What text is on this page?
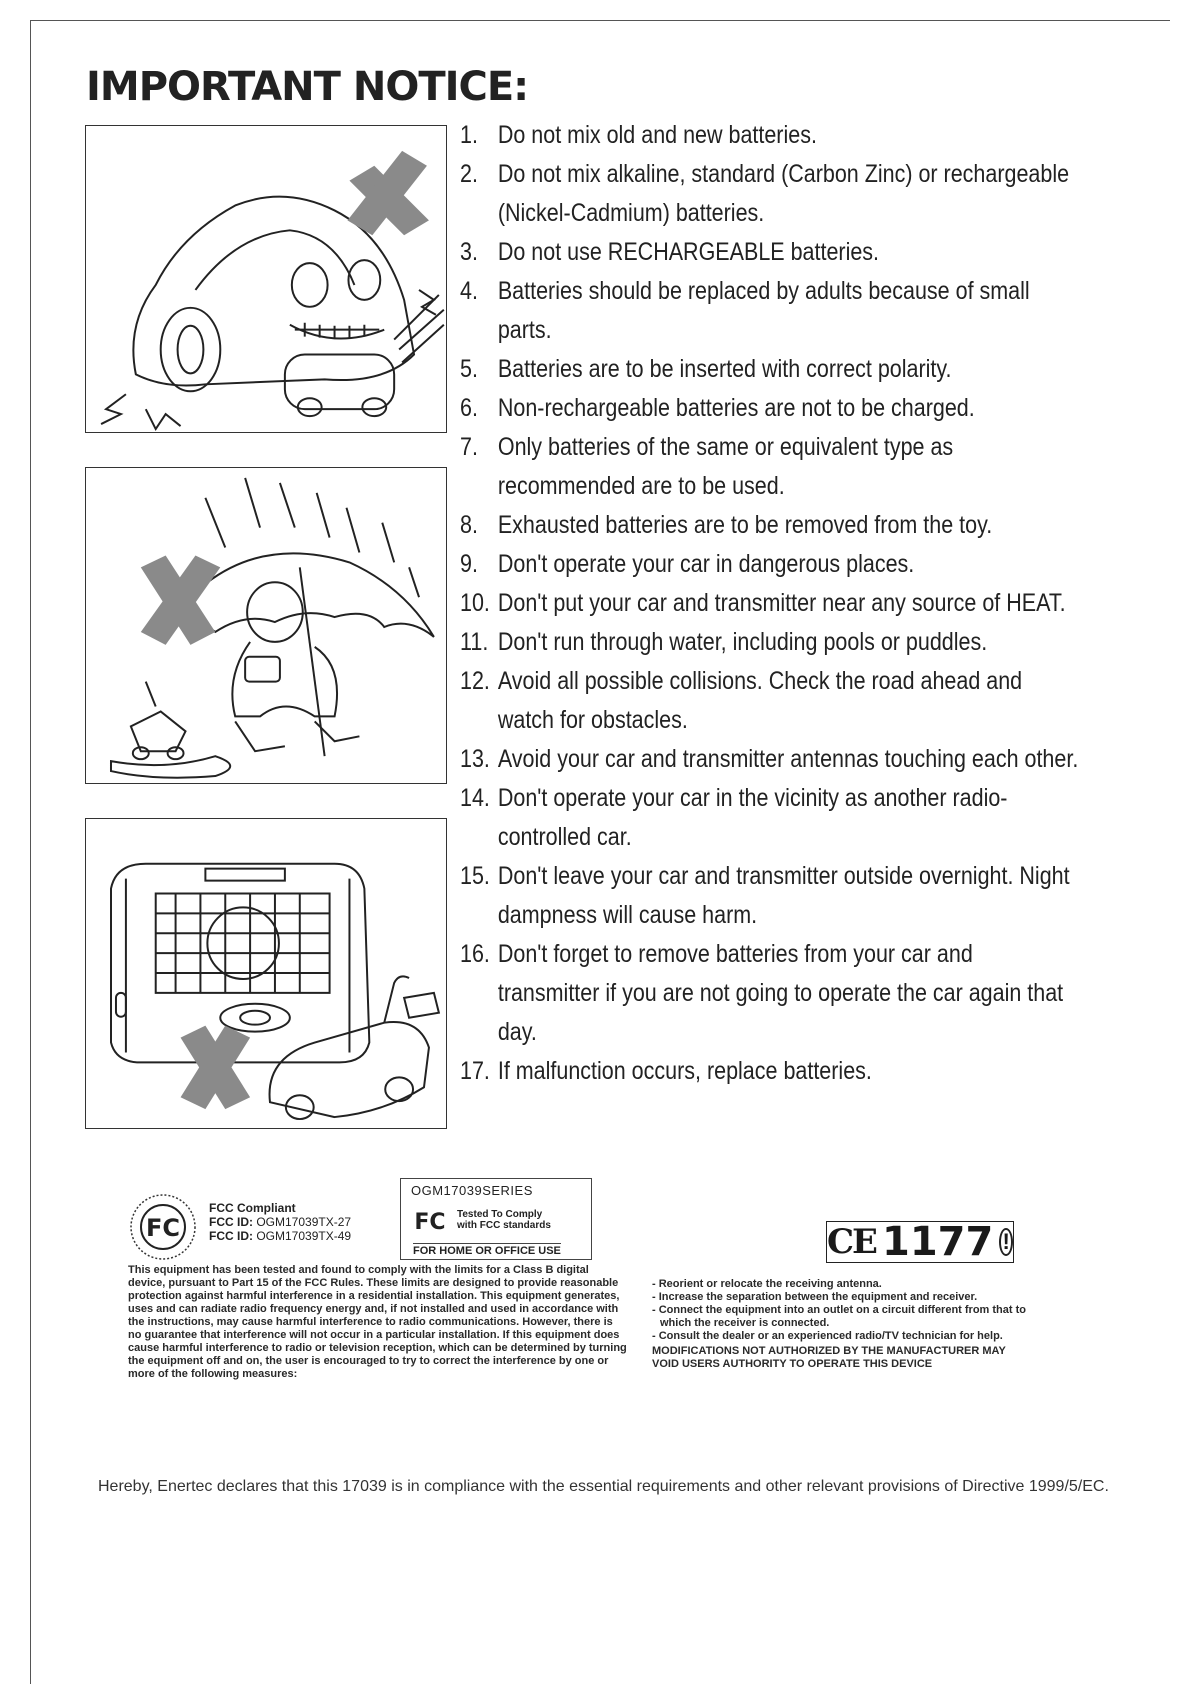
IMPORTANT NOTICE:
1. Do not mix old and new batteries.
2. Do not mix alkaline, standard (Carbon Zinc) or rechargeable (Nickel-Cadmium) batteries.
3. Do not use RECHARGEABLE batteries.
4. Batteries should be replaced by adults because of small parts.
5. Batteries are to be inserted with correct polarity.
6. Non-rechargeable batteries are not to be charged.
7. Only batteries of the same or equivalent type as recommended are to be used.
8. Exhausted batteries are to be removed from the toy.
9. Don't operate your car in dangerous places.
10. Don't put your car and transmitter near any source of HEAT.
11. Don't run through water, including pools or puddles.
12. Avoid all possible collisions. Check the road ahead and watch for obstacles.
13. Avoid your car and transmitter antennas touching each other.
14. Don't operate your car in the vicinity as another radio-controlled car.
15. Don't leave your car and transmitter outside overnight. Night dampness will cause harm.
16. Don't forget to remove batteries from your car and transmitter if you are not going to operate the car again that day.
17. If malfunction occurs, replace batteries.
FC
FCC Compliant
FCC ID: OGM17039TX-27
FCC ID: OGM17039TX-49
OGM17039SERIES
FC Tested To Comply
with FCC standards
FOR HOME OR OFFICE USE	CE 1177 !
This equipment has been tested and found to comply with the limits for a Class B digital device, pursuant to Part 15 of the FCC Rules. These limits are designed to provide reasonable protection against harmful interference in a residential installation. This equipment generates, uses and can radiate radio frequency energy and, if not installed and used in accordance with the instructions, may cause harmful interference to radio communications. However, there is no guarantee that interference will not occur in a particular installation. If this equipment does cause harmful interference to radio or television reception, which can be determined by turning the equipment off and on, the user is encouraged to try to correct the interference by one or more of the following measures:
- Reorient or relocate the receiving antenna.
- Increase the separation between the equipment and receiver.
- Connect the equipment into an outlet on a circuit different from that to which the receiver is connected.
- Consult the dealer or an experienced radio/TV technician for help.
MODIFICATIONS NOT AUTHORIZED BY THE MANUFACTURER MAY VOID USERS AUTHORITY TO OPERATE THIS DEVICE
Hereby, Enertec declares that this 17039 is in compliance with the essential requirements and other relevant provisions of Directive 1999/5/EC.
